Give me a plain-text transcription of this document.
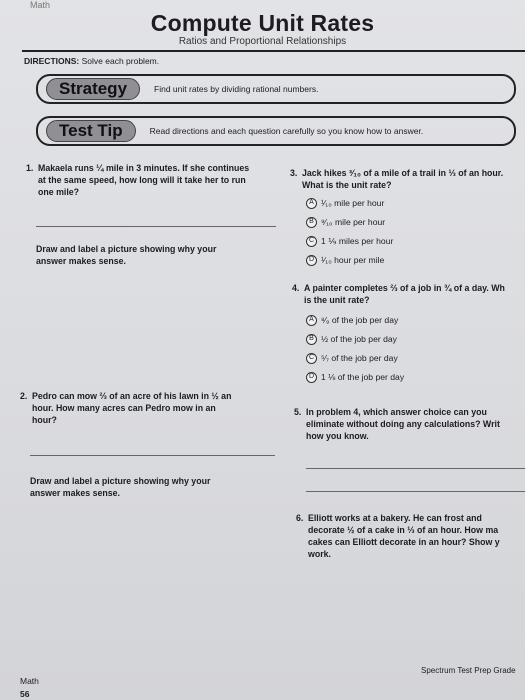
Math
Compute Unit Rates
Ratios and Proportional Relationships
DIRECTIONS: Solve each problem.
Strategy	Find unit rates by dividing rational numbers.
Test Tip	Read directions and each question carefully so you know how to answer.
1. Makaela runs ¼ mile in 3 minutes. If she continues
at the same speed, how long will it take her to run
one mile?
Draw and label a picture showing why your
answer makes sense.
3. Jack hikes ³⁄₁₀ of a mile of a trail in ⅓ of an hour.
What is the unit rate?
A ¹⁄₁₀ mile per hour
B ⁹⁄₁₀ mile per hour
C 1 ⅑ miles per hour
D ¹⁄₁₀ hour per mile
4. A painter completes ⅔ of a job in ¾ of a day. Wh
is the unit rate?
A ⁸⁄₉ of the job per day
B ½ of the job per day
C ⁵⁄₇ of the job per day
D 1 ⅛ of the job per day
2. Pedro can mow ⅔ of an acre of his lawn in ½ an
hour. How many acres can Pedro mow in an
hour?
Draw and label a picture showing why your
answer makes sense.
5. In problem 4, which answer choice can you
eliminate without doing any calculations? Writ
how you know.
6. Elliott works at a bakery. He can frost and
decorate ½ of a cake in ⅓ of an hour. How ma
cakes can Elliott decorate in an hour? Show y
work.
Math
56
Spectrum Test Prep Grade
